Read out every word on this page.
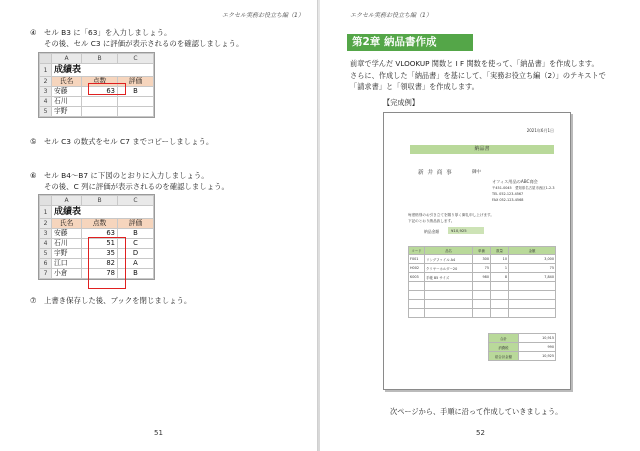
エクセル実務お役立ち編（1）
④ セル B3 に「63」を入力しましょう。
その後、セル C3 に評価が表示されるのを確認しましょう。
	A	B	C
1	成績表		
2	氏名	点数	評価
3	安藤	63	B
4	石川		
5	宇野		
⑤ セル C3 の数式をセル C7 までコピーしましょう。
⑥ セル B4～B7 に下図のとおりに入力しましょう。
その後、C 列に評価が表示されるのを確認しましょう。
	A	B	C
1	成績表		
2	氏名	点数	評価
3	安藤	63	B
4	石川	51	C
5	宇野	35	D
6	江口	82	A
7	小倉	78	B
⑦ 上書き保存した後、ブックを閉じましょう。
51
エクセル実務お役立ち編（1）
第2章 納品書作成
前章で学んだ VLOOKUP 関数と I F 関数を使って、「納品書」を作成します。
さらに、作成した「納品書」を基にして、「実務お役立ち編（2）」のテキストで
「請求書」と「領収書」を作成します。
【完成例】
2021年6月1日
納品書
新 井 商 事	御中
オフィス用品のABC商会
〒451-0045　愛知県名古屋市西区1-2-3
TEL 052-123-4567
FAX 052-123-4568
毎度格別のお引き立てを賜り厚く御礼申し上げます。
下記のとおり納品致します。
納品金額	¥10,925
コード	品名	単価	数量	金額
F001	リングファイル A4	300	10	3,000
H002	クリヤーホルダー20	75	1	75
K003	手帳 B5 サイズ	980	8	7,840

合計	10,915
消費税	990
総合計金額	10,925
次ページから、手順に沿って作成していきましょう。
52
